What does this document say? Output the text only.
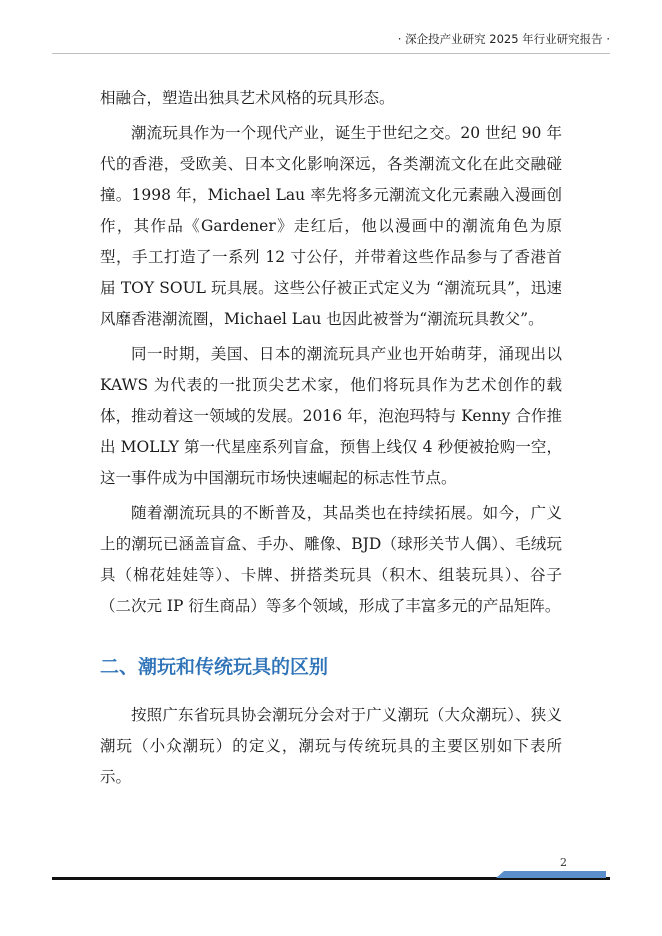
· 深企投产业研究 2025 年行业研究报告 ·

相融合，塑造出独具艺术风格的玩具形态。

潮流玩具作为一个现代产业，诞生于世纪之交。20 世纪 90 年代的香港，受欧美、日本文化影响深远，各类潮流文化在此交融碰撞。1998 年，Michael Lau 率先将多元潮流文化元素融入漫画创作，其作品《Gardener》走红后，他以漫画中的潮流角色为原型，手工打造了一系列 12 寸公仔，并带着这些作品参与了香港首届 TOY SOUL 玩具展。这些公仔被正式定义为 “潮流玩具”，迅速风靡香港潮流圈，Michael Lau 也因此被誉为“潮流玩具教父”。

同一时期，美国、日本的潮流玩具产业也开始萌芽，涌现出以 KAWS 为代表的一批顶尖艺术家，他们将玩具作为艺术创作的载体，推动着这一领域的发展。2016 年，泡泡玛特与 Kenny 合作推出 MOLLY 第一代星座系列盲盒，预售上线仅 4 秒便被抢购一空，这一事件成为中国潮玩市场快速崛起的标志性节点。

随着潮流玩具的不断普及，其品类也在持续拓展。如今，广义上的潮玩已涵盖盲盒、手办、雕像、BJD（球形关节人偶）、毛绒玩具（棉花娃娃等）、卡牌、拼搭类玩具（积木、组装玩具）、谷子（二次元 IP 衍生商品）等多个领域，形成了丰富多元的产品矩阵。

二、潮玩和传统玩具的区别

按照广东省玩具协会潮玩分会对于广义潮玩（大众潮玩）、狭义潮玩（小众潮玩）的定义，潮玩与传统玩具的主要区别如下表所示。

2
